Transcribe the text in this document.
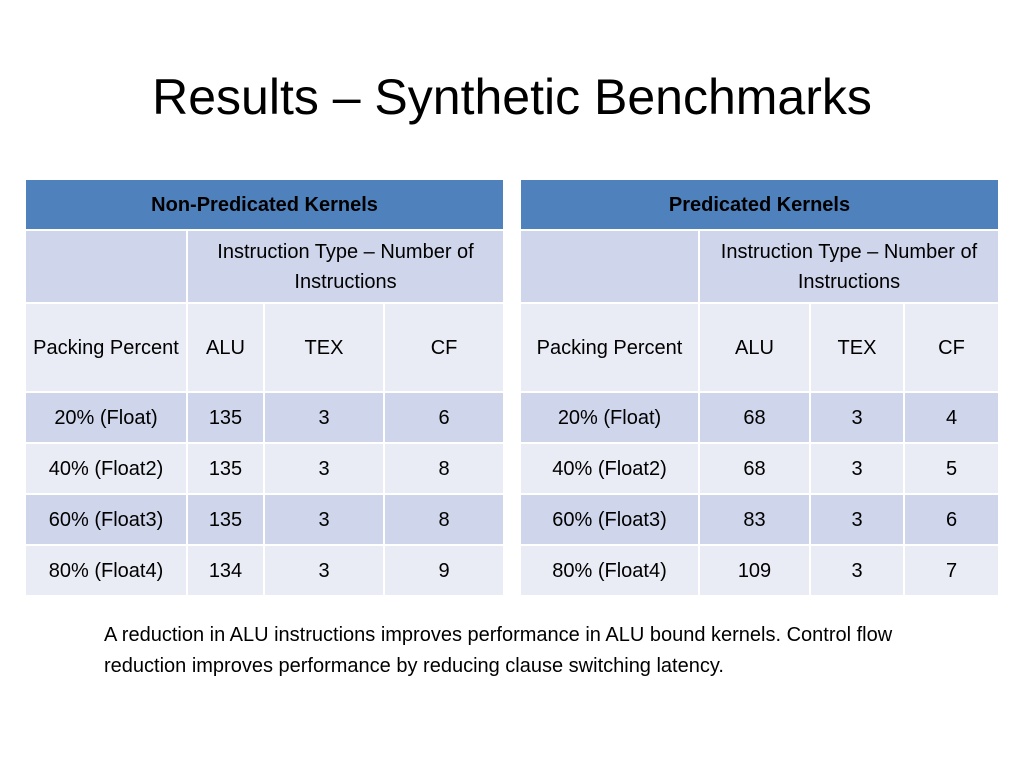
Results – Synthetic Benchmarks
Non-Predicated Kernels			
	Instruction Type – Number of Instructions		
Packing Percent	ALU	TEX	CF
20% (Float)	135	3	6
40% (Float2)	135	3	8
60% (Float3)	135	3	8
80% (Float4)	134	3	9
Predicated Kernels			
	Instruction Type – Number of Instructions		
Packing Percent	ALU	TEX	CF
20% (Float)	68	3	4
40% (Float2)	68	3	5
60% (Float3)	83	3	6
80% (Float4)	109	3	7
A reduction in ALU instructions improves performance in ALU bound kernels. Control flow reduction improves performance by reducing clause switching latency.
